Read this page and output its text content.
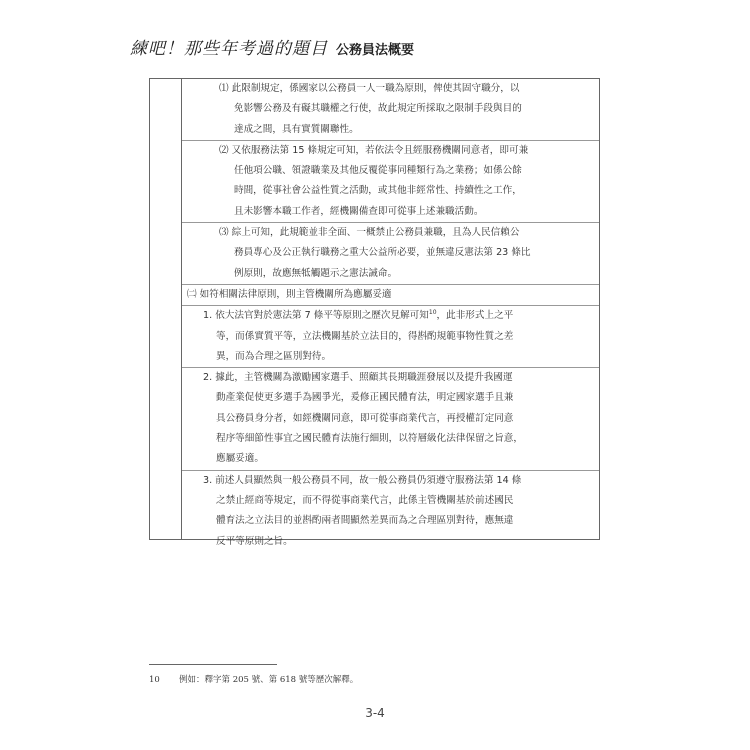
練吧！那些年考過的題目 公務員法概要
⑴ 此限制規定，係國家以公務員一人一職為原則，俾使其固守職分，以
免影響公務及有礙其職權之行使，故此規定所採取之限制手段與目的
達成之間，具有實質關聯性。
⑵ 又依服務法第 15 條規定可知，若依法令且經服務機關同意者，即可兼
任他項公職、領證職業及其他反覆從事同種類行為之業務；如係公餘
時間，從事社會公益性質之活動，或其他非經常性、持續性之工作，
且未影響本職工作者，經機關備查即可從事上述兼職活動。
⑶ 綜上可知，此規範並非全面、一概禁止公務員兼職，且為人民信賴公
務員專心及公正執行職務之重大公益所必要，並無違反憲法第 23 條比
例原則，故應無牴觸題示之憲法誡命。
㈡ 如符相關法律原則，則主管機關所為應屬妥適
1. 依大法官對於憲法第 7 條平等原則之歷次見解可知$^{10}$，此非形式上之平
等，而係實質平等，立法機關基於立法目的，得斟酌規範事物性質之差
異，而為合理之區別對待。
2. 據此，主管機關為激勵國家選手、照顧其長期職涯發展以及提升我國運
動產業促使更多選手為國爭光，爰修正國民體育法，明定國家選手且兼
具公務員身分者，如經機關同意，即可從事商業代言，再授權訂定同意
程序等細節性事宜之國民體育法施行細則，以符層級化法律保留之旨意，
應屬妥適。
3. 前述人員顯然與一般公務員不同，故一般公務員仍須遵守服務法第 14 條
之禁止經商等規定，而不得從事商業代言，此係主管機關基於前述國民
體育法之立法目的並斟酌兩者間顯然差異而為之合理區別對待，應無違
反平等原則之旨。
10 例如：釋字第 205 號、第 618 號等歷次解釋。
3-4
